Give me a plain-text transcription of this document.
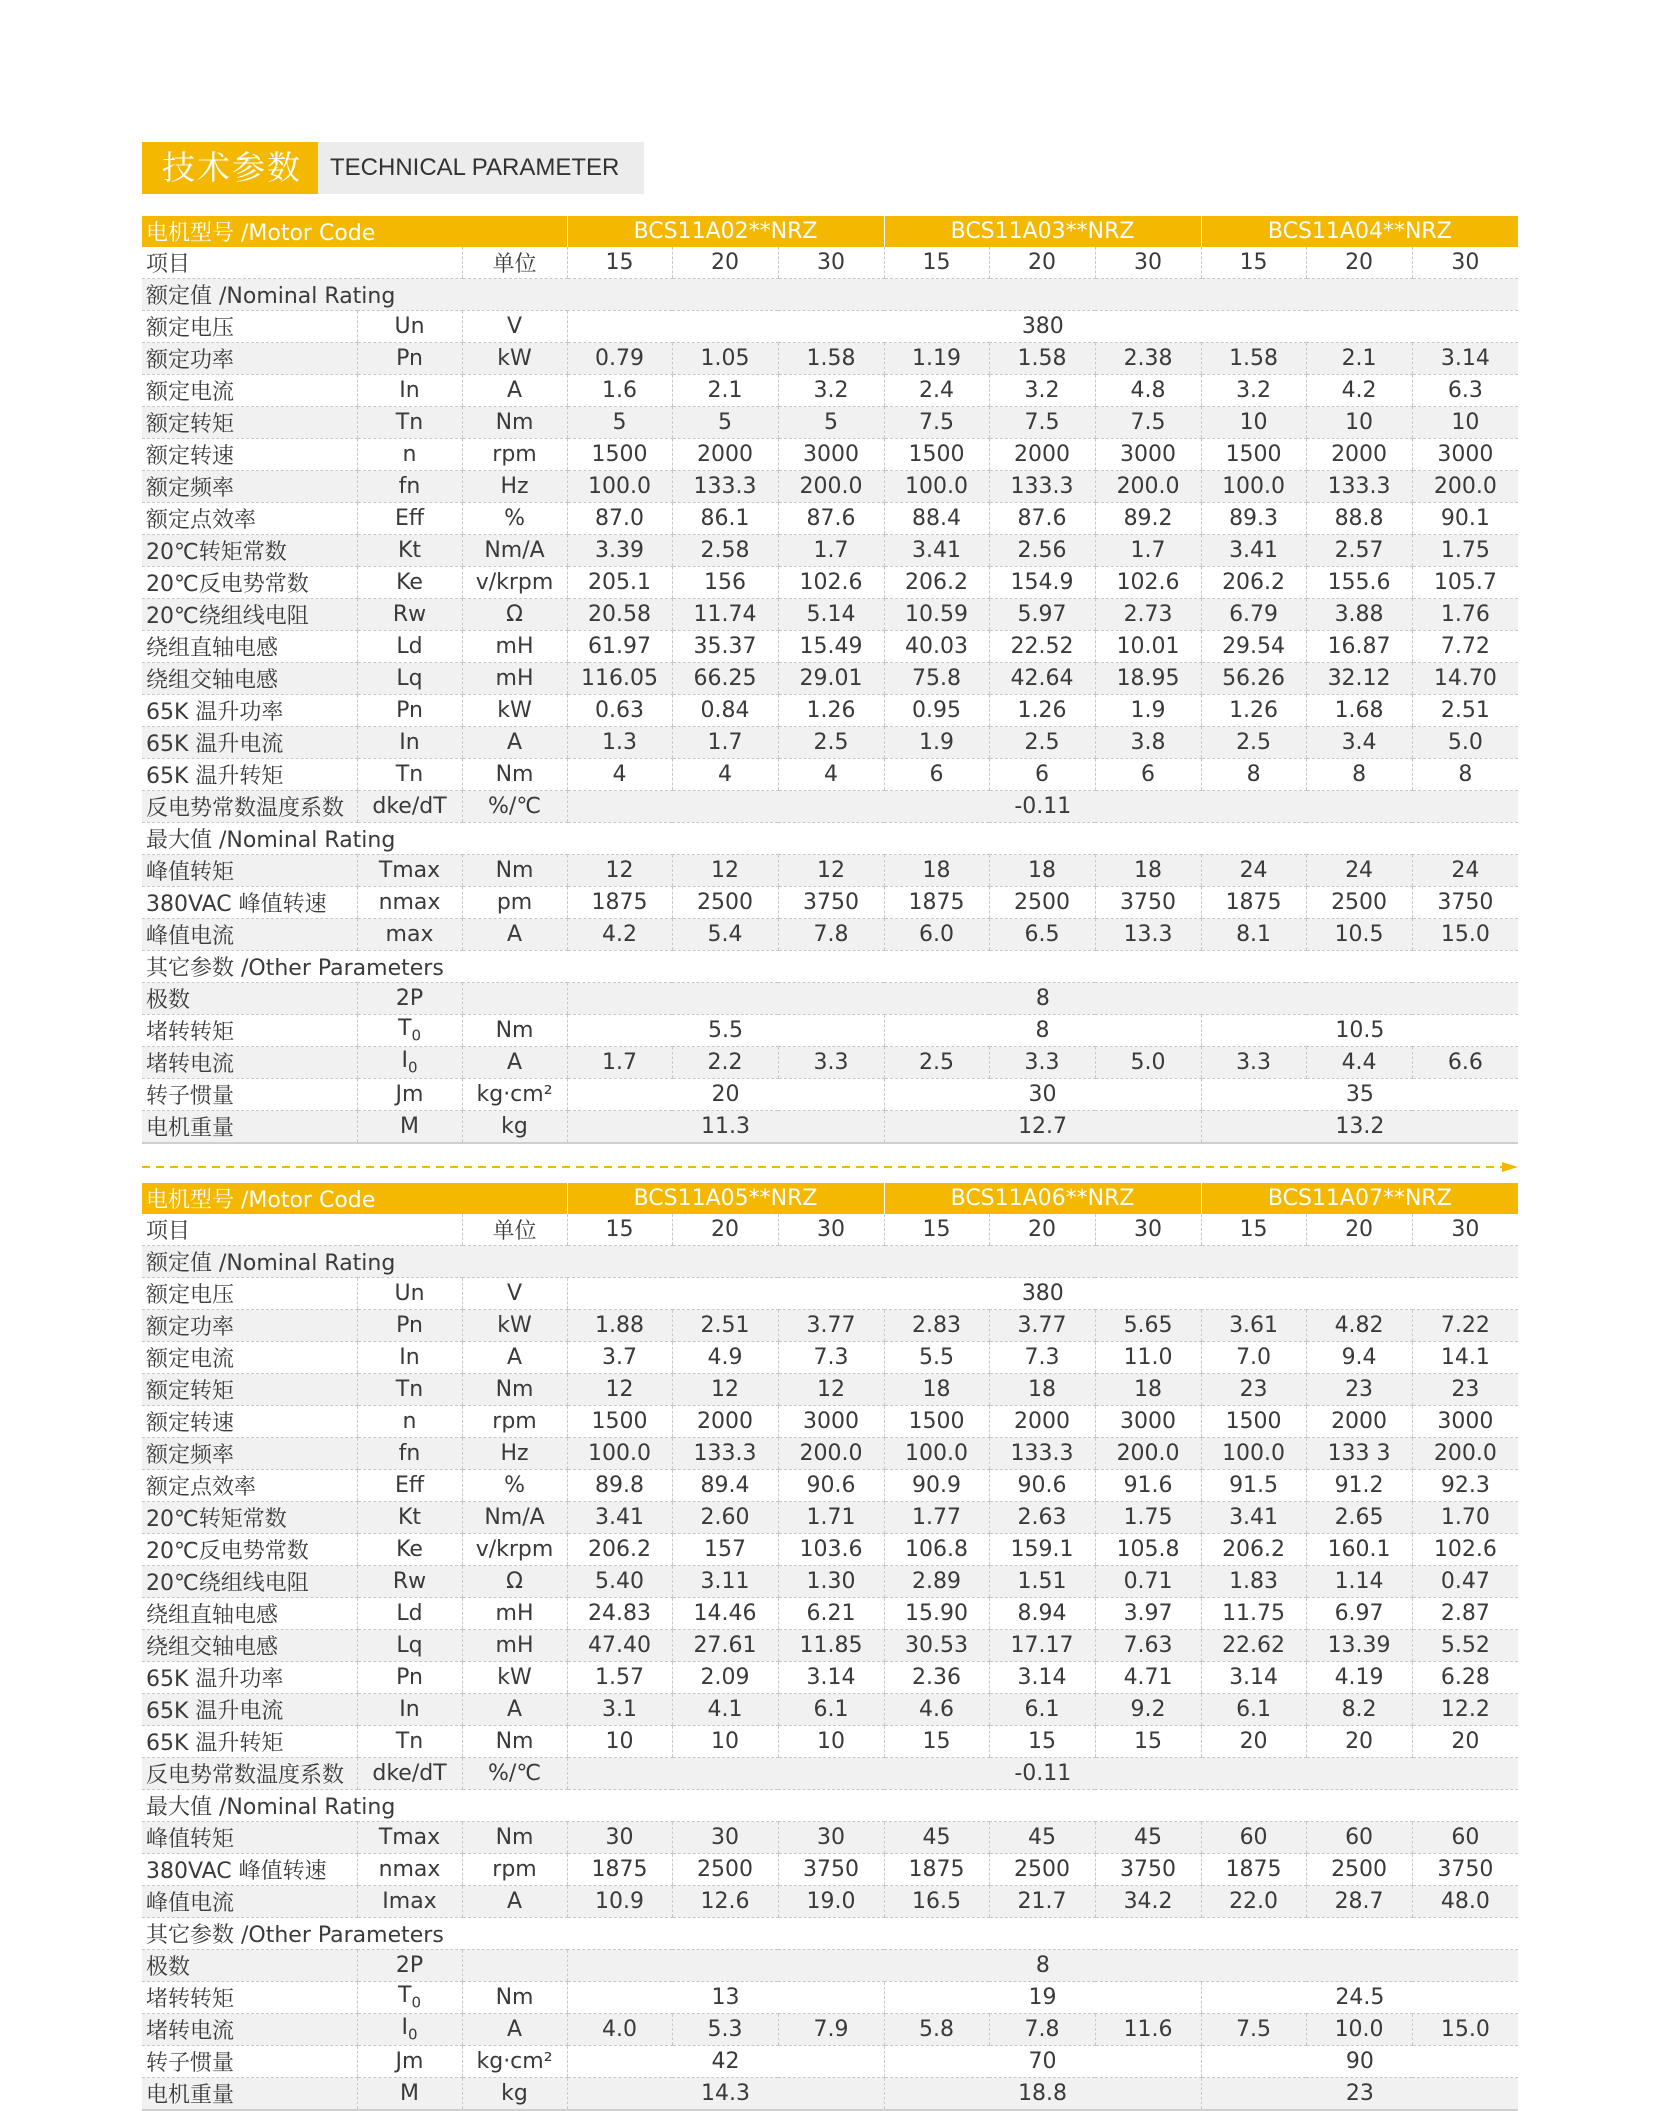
技术参数	TECHNICAL PARAMETER
电机型号 /Motor Code			BCS11A02**NRZ			BCS11A03**NRZ			BCS11A04**NRZ		
项目		单位	15	20	30	15	20	30	15	20	30
额定值 /Nominal Rating											
额定电压	Un	V	380								
额定功率	Pn	kW	0.79	1.05	1.58	1.19	1.58	2.38	1.58	2.1	3.14
额定电流	In	A	1.6	2.1	3.2	2.4	3.2	4.8	3.2	4.2	6.3
额定转矩	Tn	Nm	5	5	5	7.5	7.5	7.5	10	10	10
额定转速	n	rpm	1500	2000	3000	1500	2000	3000	1500	2000	3000
额定频率	fn	Hz	100.0	133.3	200.0	100.0	133.3	200.0	100.0	133.3	200.0
额定点效率	Eff	%	87.0	86.1	87.6	88.4	87.6	89.2	89.3	88.8	90.1
20℃转矩常数	Kt	Nm/A	3.39	2.58	1.7	3.41	2.56	1.7	3.41	2.57	1.75
20℃反电势常数	Ke	v/krpm	205.1	156	102.6	206.2	154.9	102.6	206.2	155.6	105.7
20℃绕组线电阻	Rw	Ω	20.58	11.74	5.14	10.59	5.97	2.73	6.79	3.88	1.76
绕组直轴电感	Ld	mH	61.97	35.37	15.49	40.03	22.52	10.01	29.54	16.87	7.72
绕组交轴电感	Lq	mH	116.05	66.25	29.01	75.8	42.64	18.95	56.26	32.12	14.70
65K 温升功率	Pn	kW	0.63	0.84	1.26	0.95	1.26	1.9	1.26	1.68	2.51
65K 温升电流	In	A	1.3	1.7	2.5	1.9	2.5	3.8	2.5	3.4	5.0
65K 温升转矩	Tn	Nm	4	4	4	6	6	6	8	8	8
反电势常数温度系数	dke/dT	%/℃	-0.11								
最大值 /Nominal Rating											
峰值转矩	Tmax	Nm	12	12	12	18	18	18	24	24	24
380VAC 峰值转速	nmax	pm	1875	2500	3750	1875	2500	3750	1875	2500	3750
峰值电流	max	A	4.2	5.4	7.8	6.0	6.5	13.3	8.1	10.5	15.0
其它参数 /Other Parameters											
极数	2P		8								
堵转转矩	$T_0$	Nm	5.5			8			10.5		
堵转电流	$I_0$	A	1.7	2.2	3.3	2.5	3.3	5.0	3.3	4.4	6.6
转子惯量	Jm	kg·cm²	20			30			35		
电机重量	M	kg	11.3			12.7			13.2		
电机型号 /Motor Code			BCS11A05**NRZ			BCS11A06**NRZ			BCS11A07**NRZ		
项目		单位	15	20	30	15	20	30	15	20	30
额定值 /Nominal Rating											
额定电压	Un	V	380								
额定功率	Pn	kW	1.88	2.51	3.77	2.83	3.77	5.65	3.61	4.82	7.22
额定电流	In	A	3.7	4.9	7.3	5.5	7.3	11.0	7.0	9.4	14.1
额定转矩	Tn	Nm	12	12	12	18	18	18	23	23	23
额定转速	n	rpm	1500	2000	3000	1500	2000	3000	1500	2000	3000
额定频率	fn	Hz	100.0	133.3	200.0	100.0	133.3	200.0	100.0	133 3	200.0
额定点效率	Eff	%	89.8	89.4	90.6	90.9	90.6	91.6	91.5	91.2	92.3
20℃转矩常数	Kt	Nm/A	3.41	2.60	1.71	1.77	2.63	1.75	3.41	2.65	1.70
20℃反电势常数	Ke	v/krpm	206.2	157	103.6	106.8	159.1	105.8	206.2	160.1	102.6
20℃绕组线电阻	Rw	Ω	5.40	3.11	1.30	2.89	1.51	0.71	1.83	1.14	0.47
绕组直轴电感	Ld	mH	24.83	14.46	6.21	15.90	8.94	3.97	11.75	6.97	2.87
绕组交轴电感	Lq	mH	47.40	27.61	11.85	30.53	17.17	7.63	22.62	13.39	5.52
65K 温升功率	Pn	kW	1.57	2.09	3.14	2.36	3.14	4.71	3.14	4.19	6.28
65K 温升电流	In	A	3.1	4.1	6.1	4.6	6.1	9.2	6.1	8.2	12.2
65K 温升转矩	Tn	Nm	10	10	10	15	15	15	20	20	20
反电势常数温度系数	dke/dT	%/℃	-0.11								
最大值 /Nominal Rating											
峰值转矩	Tmax	Nm	30	30	30	45	45	45	60	60	60
380VAC 峰值转速	nmax	rpm	1875	2500	3750	1875	2500	3750	1875	2500	3750
峰值电流	Imax	A	10.9	12.6	19.0	16.5	21.7	34.2	22.0	28.7	48.0
其它参数 /Other Parameters											
极数	2P		8								
堵转转矩	$T_0$	Nm	13			19			24.5		
堵转电流	$I_0$	A	4.0	5.3	7.9	5.8	7.8	11.6	7.5	10.0	15.0
转子惯量	Jm	kg·cm²	42			70			90		
电机重量	M	kg	14.3			18.8			23		
